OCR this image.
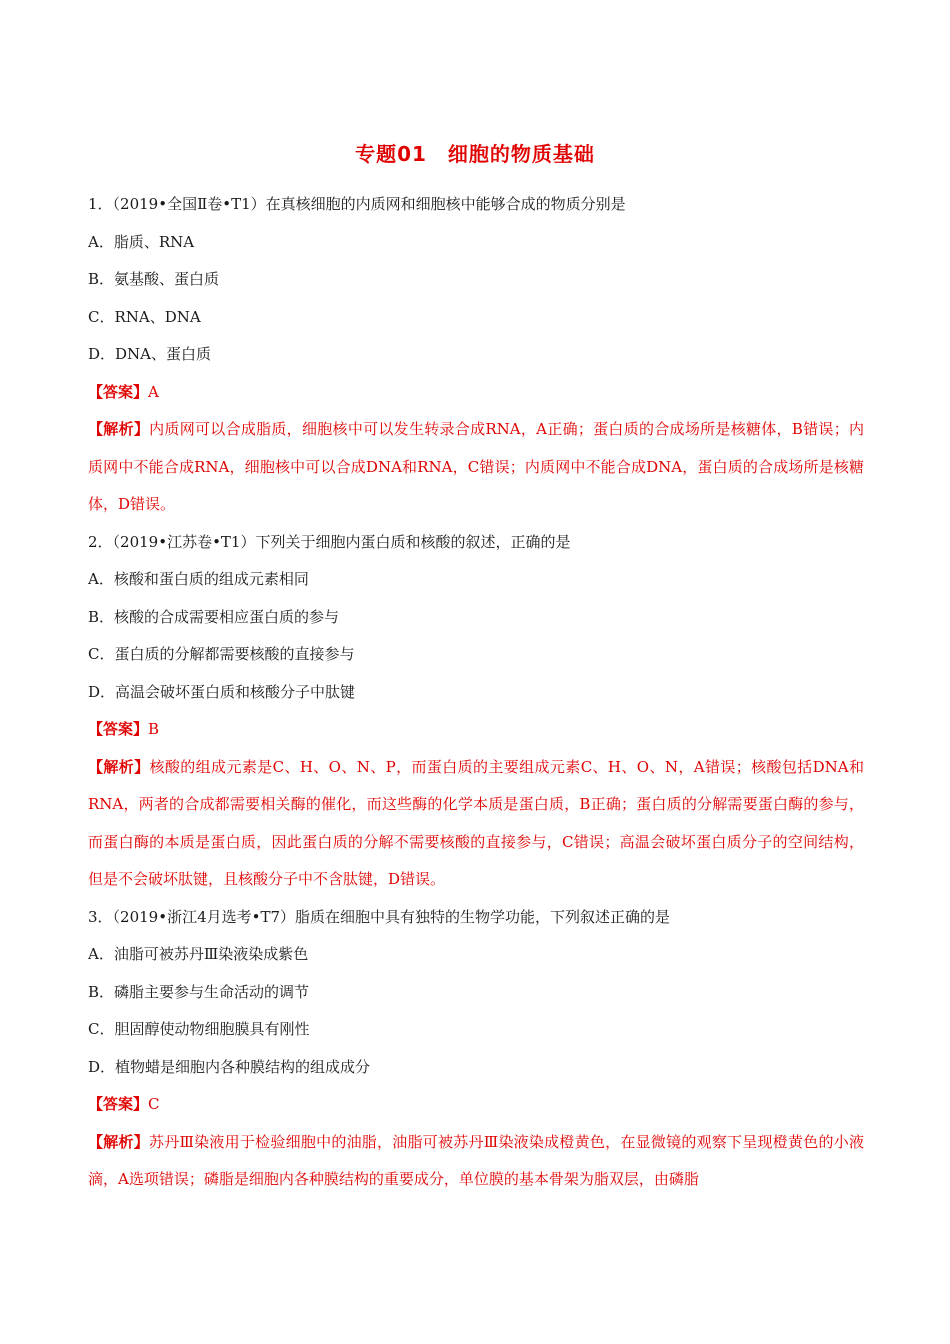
专题01　细胞的物质基础
1．（2019•全国Ⅱ卷•T1）在真核细胞的内质网和细胞核中能够合成的物质分别是
A．脂质、RNA
B．氨基酸、蛋白质
C．RNA、DNA
D．DNA、蛋白质
【答案】A
【解析】内质网可以合成脂质，细胞核中可以发生转录合成RNA，A正确；蛋白质的合成场所是核糖体，B错误；内质网中不能合成RNA，细胞核中可以合成DNA和RNA，C错误；内质网中不能合成DNA，蛋白质的合成场所是核糖体，D错误。
2．（2019•江苏卷•T1）下列关于细胞内蛋白质和核酸的叙述，正确的是
A．核酸和蛋白质的组成元素相同
B．核酸的合成需要相应蛋白质的参与
C．蛋白质的分解都需要核酸的直接参与
D．高温会破坏蛋白质和核酸分子中肽键
【答案】B
【解析】核酸的组成元素是C、H、O、N、P，而蛋白质的主要组成元素C、H、O、N，A错误；核酸包括DNA和RNA，两者的合成都需要相关酶的催化，而这些酶的化学本质是蛋白质，B正确；蛋白质的分解需要蛋白酶的参与，而蛋白酶的本质是蛋白质，因此蛋白质的分解不需要核酸的直接参与，C错误；高温会破坏蛋白质分子的空间结构，但是不会破坏肽键，且核酸分子中不含肽键，D错误。
3．（2019•浙江4月选考•T7）脂质在细胞中具有独特的生物学功能，下列叙述正确的是
A．油脂可被苏丹Ⅲ染液染成紫色
B．磷脂主要参与生命活动的调节
C．胆固醇使动物细胞膜具有刚性
D．植物蜡是细胞内各种膜结构的组成成分
【答案】C
【解析】苏丹Ⅲ染液用于检验细胞中的油脂，油脂可被苏丹Ⅲ染液染成橙黄色，在显微镜的观察下呈现橙黄色的小液滴，A选项错误；磷脂是细胞内各种膜结构的重要成分，单位膜的基本骨架为脂双层，由磷脂
